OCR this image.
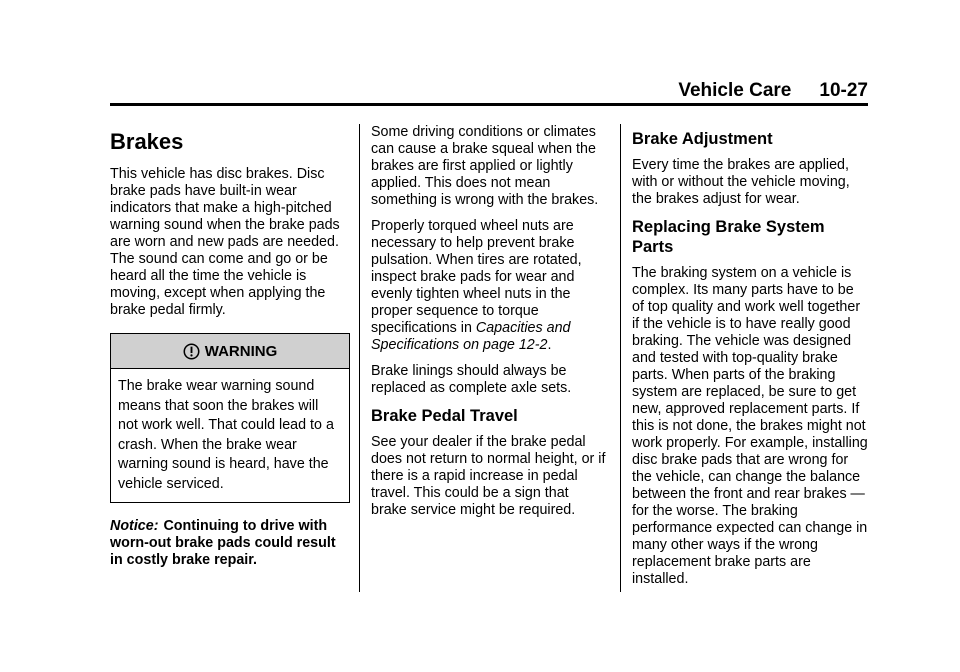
Vehicle Care 10-27
Brakes

This vehicle has disc brakes. Disc brake pads have built-in wear indicators that make a high-pitched warning sound when the brake pads are worn and new pads are needed. The sound can come and go or be heard all the time the vehicle is moving, except when applying the brake pedal firmly.

WARNING
The brake wear warning sound means that soon the brakes will not work well. That could lead to a crash. When the brake wear warning sound is heard, have the vehicle serviced.

Notice: Continuing to drive with worn-out brake pads could result in costly brake repair.

Some driving conditions or climates can cause a brake squeal when the brakes are first applied or lightly applied. This does not mean something is wrong with the brakes.

Properly torqued wheel nuts are necessary to help prevent brake pulsation. When tires are rotated, inspect brake pads for wear and evenly tighten wheel nuts in the proper sequence to torque specifications in Capacities and Specifications on page 12-2.

Brake linings should always be replaced as complete axle sets.

Brake Pedal Travel

See your dealer if the brake pedal does not return to normal height, or if there is a rapid increase in pedal travel. This could be a sign that brake service might be required.

Brake Adjustment

Every time the brakes are applied, with or without the vehicle moving, the brakes adjust for wear.

Replacing Brake System Parts

The braking system on a vehicle is complex. Its many parts have to be of top quality and work well together if the vehicle is to have really good braking. The vehicle was designed and tested with top-quality brake parts. When parts of the braking system are replaced, be sure to get new, approved replacement parts. If this is not done, the brakes might not work properly. For example, installing disc brake pads that are wrong for the vehicle, can change the balance between the front and rear brakes — for the worse. The braking performance expected can change in many other ways if the wrong replacement brake parts are installed.
